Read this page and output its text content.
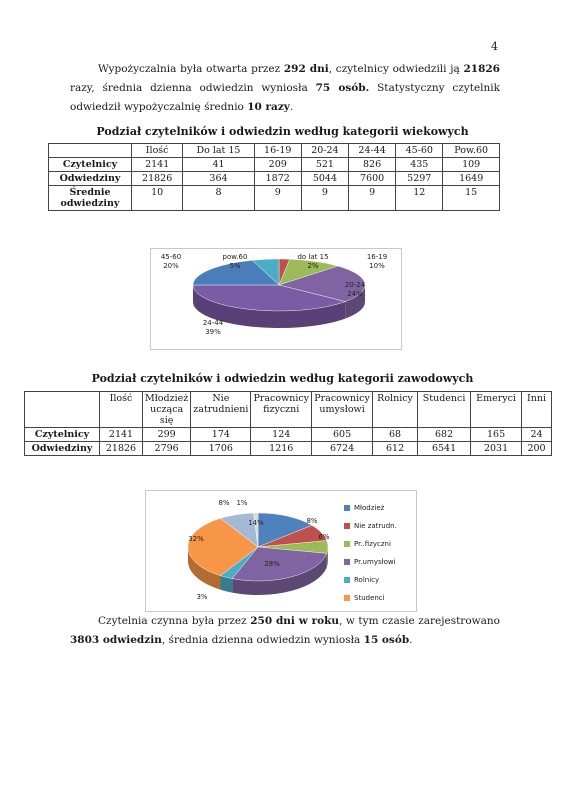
4
Wypożyczalnia była otwarta przez 292 dni, czytelnicy odwiedzili ją 21826 razy, średnia dzienna odwiedzin wyniosła 75 osób. Statystyczny czytelnik odwiedził wypożyczalnię średnio 10 razy.
Podział czytelników i odwiedzin według kategorii wiekowych
	Ilość	Do lat 15	16-19	20-24	24-44	45-60	Pow.60
Czytelnicy	2141	41	209	521	826	435	109
Odwiedziny	21826	364	1872	5044	7600	5297	1649
Średnie odwiedziny	10	8	9	9	9	12	15
do lat 15 2%
16-19 10%
20-24 24%
24-44 39%
45-60 20%
pow.60 5%
Podział czytelników i odwiedzin według kategorii zawodowych
	Ilość	Młodzież ucząca się	Nie zatrudnieni	Pracownicy fizyczni	Pracownicy umysłowi	Rolnicy	Studenci	Emeryci	Inni
Czytelnicy	2141	299	174	124	605	68	682	165	24
Odwiedziny	21826	2796	1706	1216	6724	612	6541	2031	200
14%	8%
6%
28%
3%
32%
8% 1%
Młodzież
Nie zatrudn.
Pr..fizyczni
Pr.umysłowi
Rolnicy
Studenci
Czytelnia czynna była przez 250 dni w roku, w tym czasie zarejestrowano 3803 odwiedzin, średnia dzienna odwiedzin wyniosła 15 osób.
